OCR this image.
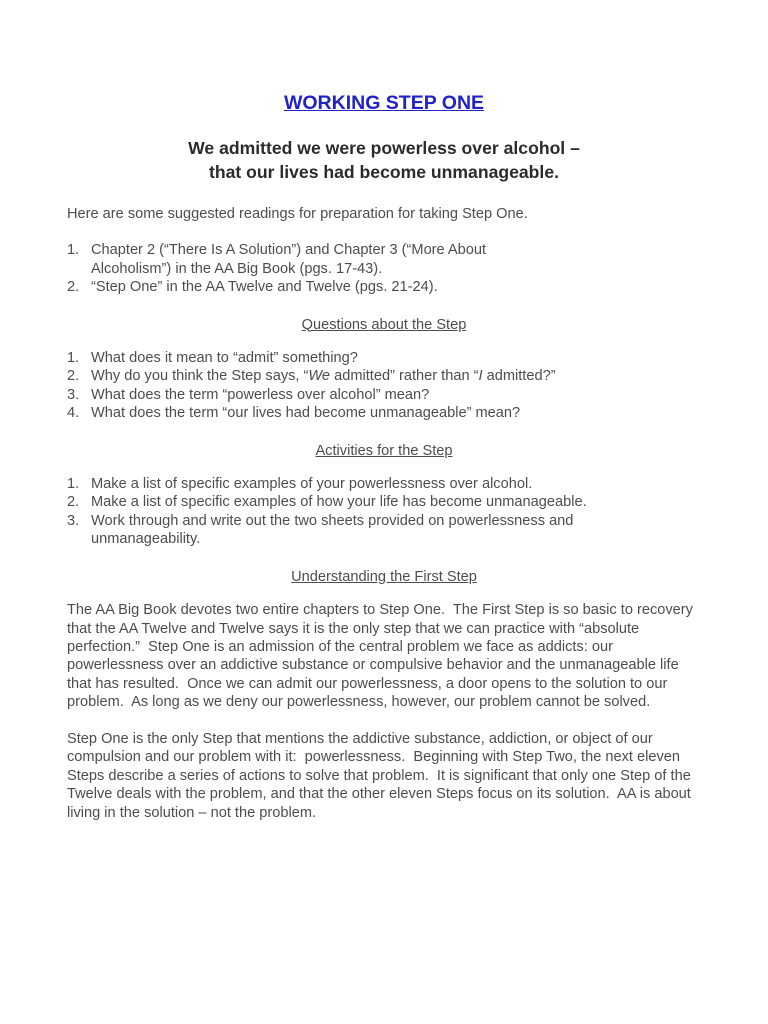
WORKING STEP ONE
We admitted we were powerless over alcohol –
that our lives had become unmanageable.

Here are some suggested readings for preparation for taking Step One.

1. Chapter 2 (“There Is A Solution”) and Chapter 3 (“More About
Alcoholism”) in the AA Big Book (pgs. 17-43).
2. “Step One” in the AA Twelve and Twelve (pgs. 21-24).
Questions about the Step
1. What does it mean to “admit” something?
2. Why do you think the Step says, “We admitted” rather than “I admitted?”
3. What does the term “powerless over alcohol” mean?
4. What does the term “our lives had become unmanageable” mean?
Activities for the Step
1. Make a list of specific examples of your powerlessness over alcohol.
2. Make a list of specific examples of how your life has become unmanageable.
3. Work through and write out the two sheets provided on powerlessness and
unmanageability.
Understanding the First Step

The AA Big Book devotes two entire chapters to Step One.  The First Step is so basic to recovery that the AA Twelve and Twelve says it is the only step that we can practice with “absolute perfection.”  Step One is an admission of the central problem we face as addicts: our powerlessness over an addictive substance or compulsive behavior and the unmanageable life that has resulted.  Once we can admit our powerlessness, a door opens to the solution to our problem.  As long as we deny our powerlessness, however, our problem cannot be solved.

Step One is the only Step that mentions the addictive substance, addiction, or object of our compulsion and our problem with it:  powerlessness.  Beginning with Step Two, the next eleven Steps describe a series of actions to solve that problem.  It is significant that only one Step of the Twelve deals with the problem, and that the other eleven Steps focus on its solution.  AA is about living in the solution – not the problem.
